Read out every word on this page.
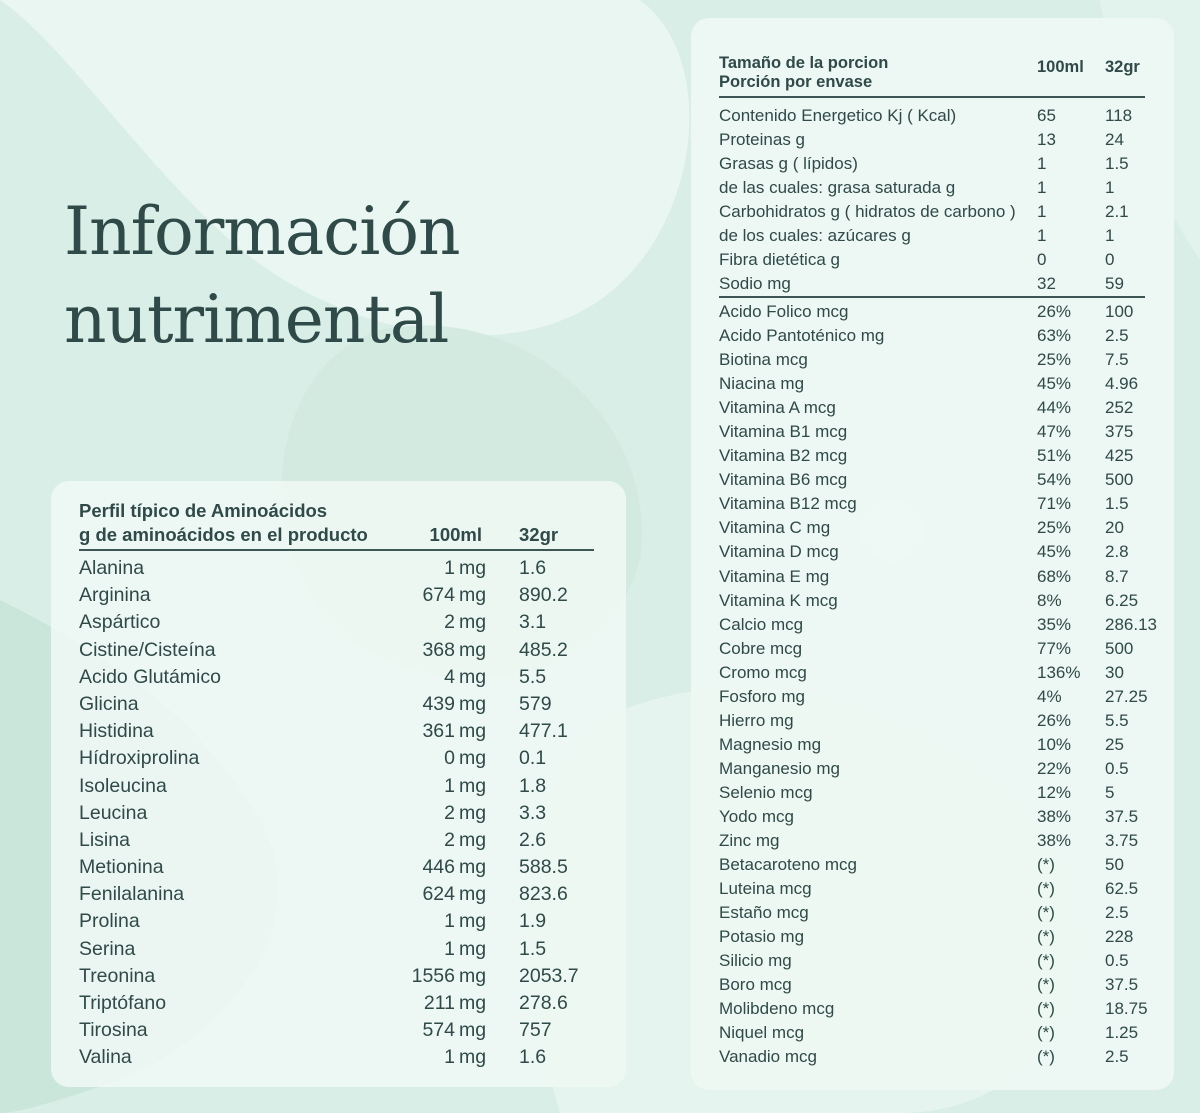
Información
nutrimental
Perfil típico de Aminoácidos
g de aminoácidos en el producto	100ml 32gr
Alanina	1 mg 1.6
Arginina	674 mg 890.2
Aspártico	2 mg 3.1
Cistine/Cisteína	368 mg 485.2
Acido Glutámico	4 mg 5.5
Glicina	439 mg 579
Histidina	361 mg 477.1
Hídroxiprolina	0 mg 0.1
Isoleucina	1 mg 1.8
Leucina	2 mg 3.3
Lisina	2 mg 2.6
Metionina	446 mg 588.5
Fenilalanina	624 mg 823.6
Prolina	1 mg 1.9
Serina	1 mg 1.5
Treonina	1556 mg 2053.7
Triptófano	211 mg 278.6
Tirosina	574 mg 757
Valina	1 mg 1.6
Tamaño de la porcion
Porción por envase
100ml 32gr
Contenido Energetico Kj ( Kcal)	65	118
Proteinas g	13	24
Grasas g ( lípidos)	1	1.5
de las cuales: grasa saturada g	1	1
Carbohidratos g ( hidratos de carbono ) 1	2.1
de los cuales: azúcares g	1	1
Fibra dietética g	0	0
Sodio mg	32	59
Acido Folico mcg	26% 100
Acido Pantoténico mg	63% 2.5
Biotina mcg	25% 7.5
Niacina mg	45% 4.96
Vitamina A mcg	44% 252
Vitamina B1 mcg	47% 375
Vitamina B2 mcg	51% 425
Vitamina B6 mcg	54% 500
Vitamina B12 mcg	71% 1.5
Vitamina C mg	25% 20
Vitamina D mcg	45% 2.8
Vitamina E mg	68% 8.7
Vitamina K mcg	8%	6.25
Calcio mcg	35% 286.13
Cobre mcg	77% 500
Cromo mcg	136% 30
Fosforo mg	4%	27.25
Hierro mg	26% 5.5
Magnesio mg	10% 25
Manganesio mg	22% 0.5
Selenio mcg	12% 5
Yodo mcg	38% 37.5
Zinc mg	38% 3.75
Betacaroteno mcg	(*)	50
Luteina mcg	(*)	62.5
Estaño mcg	(*)	2.5
Potasio mg	(*)	228
Silicio mg	(*)	0.5
Boro mcg	(*)	37.5
Molibdeno mcg	(*)	18.75
Niquel mcg	(*)	1.25
Vanadio mcg	(*)	2.5
